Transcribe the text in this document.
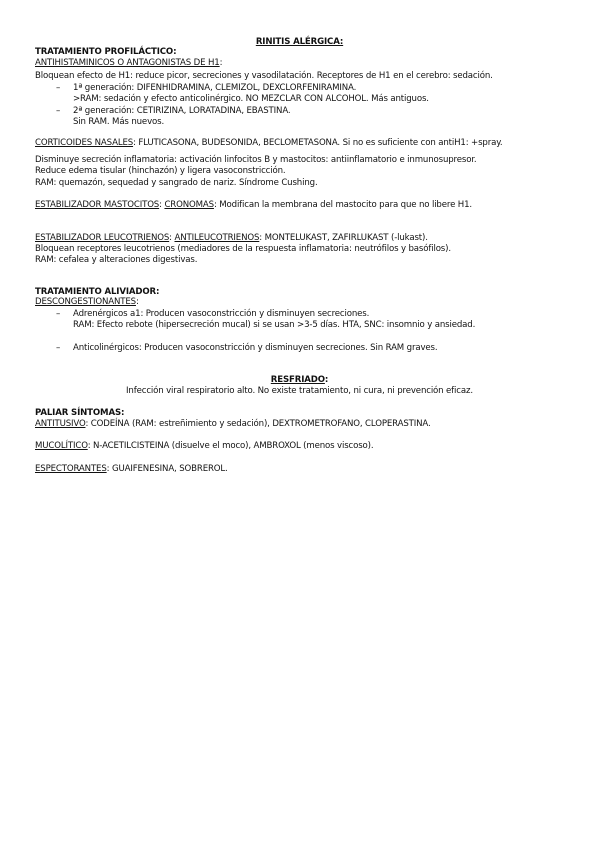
RINITIS ALÉRGICA:
TRATAMIENTO PROFILÁCTICO:
ANTIHISTAMINICOS O ANTAGONISTAS DE H1:
Bloquean efecto de H1: reduce picor, secreciones y vasodilatación. Receptores de H1 en el cerebro: sedación.
– 1ª generación: DIFENHIDRAMINA, CLEMIZOL, DEXCLORFENIRAMINA.
>RAM: sedación y efecto anticolinérgico. NO MEZCLAR CON ALCOHOL. Más antiguos.
– 2ª generación: CETIRIZINA, LORATADINA, EBASTINA.
Sin RAM. Más nuevos.
CORTICOIDES NASALES: FLUTICASONA, BUDESONIDA, BECLOMETASONA. Si no es suficiente con antiH1: +spray.
Disminuye secreción inflamatoria: activación linfocitos B y mastocitos: antiinflamatorio e inmunosupresor.
Reduce edema tisular (hinchazón) y ligera vasoconstricción.
RAM: quemazón, sequedad y sangrado de nariz. Síndrome Cushing.
ESTABILIZADOR MASTOCITOS: CRONOMAS: Modifican la membrana del mastocito para que no libere H1.
ESTABILIZADOR LEUCOTRIENOS: ANTILEUCOTRIENOS: MONTELUKAST, ZAFIRLUKAST (-lukast).
Bloquean receptores leucotrienos (mediadores de la respuesta inflamatoria: neutrófilos y basófilos).
RAM: cefalea y alteraciones digestivas.
TRATAMIENTO ALIVIADOR:
DESCONGESTIONANTES:
– Adrenérgicos a1: Producen vasoconstricción y disminuyen secreciones.
RAM: Efecto rebote (hipersecreción mucal) si se usan >3-5 días. HTA, SNC: insomnio y ansiedad.
– Anticolinérgicos: Producen vasoconstricción y disminuyen secreciones. Sin RAM graves.
RESFRIADO:
Infección viral respiratorio alto. No existe tratamiento, ni cura, ni prevención eficaz.
PALIAR SÍNTOMAS:
ANTITUSIVO: CODEÍNA (RAM: estreñimiento y sedación), DEXTROMETROFANO, CLOPERASTINA.
MUCOLÍTICO: N-ACETILCISTEINA (disuelve el moco), AMBROXOL (menos viscoso).
ESPECTORANTES: GUAIFENESINA, SOBREROL.
